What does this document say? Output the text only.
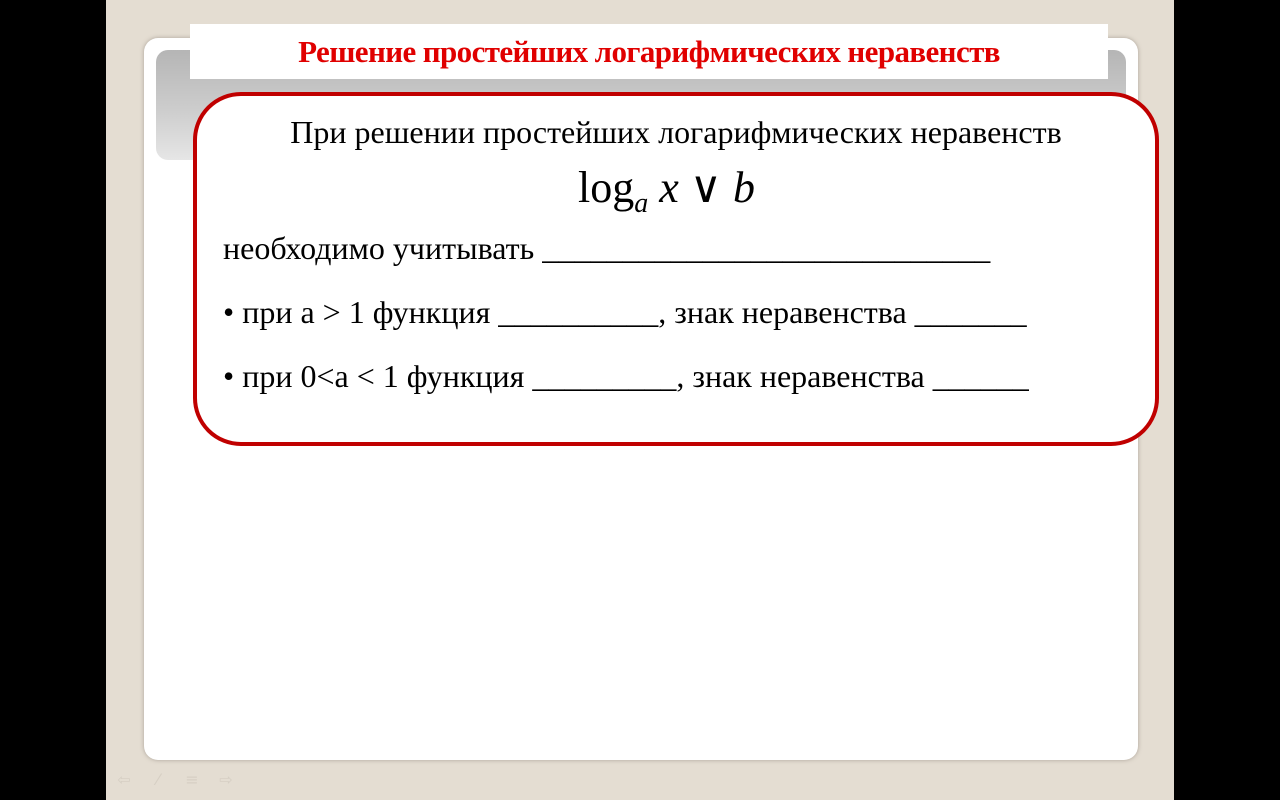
При решении простейших логарифмических неравенств
$\log_a x$ ∨ b
необходимо учитывать ____________________________
• при а > 1 функция __________, знак неравенства _______
• при 0<а < 1 функция _________, знак неравенства ______
Решение простейших логарифмических неравенств
⇦	⁄	≡	⇨
